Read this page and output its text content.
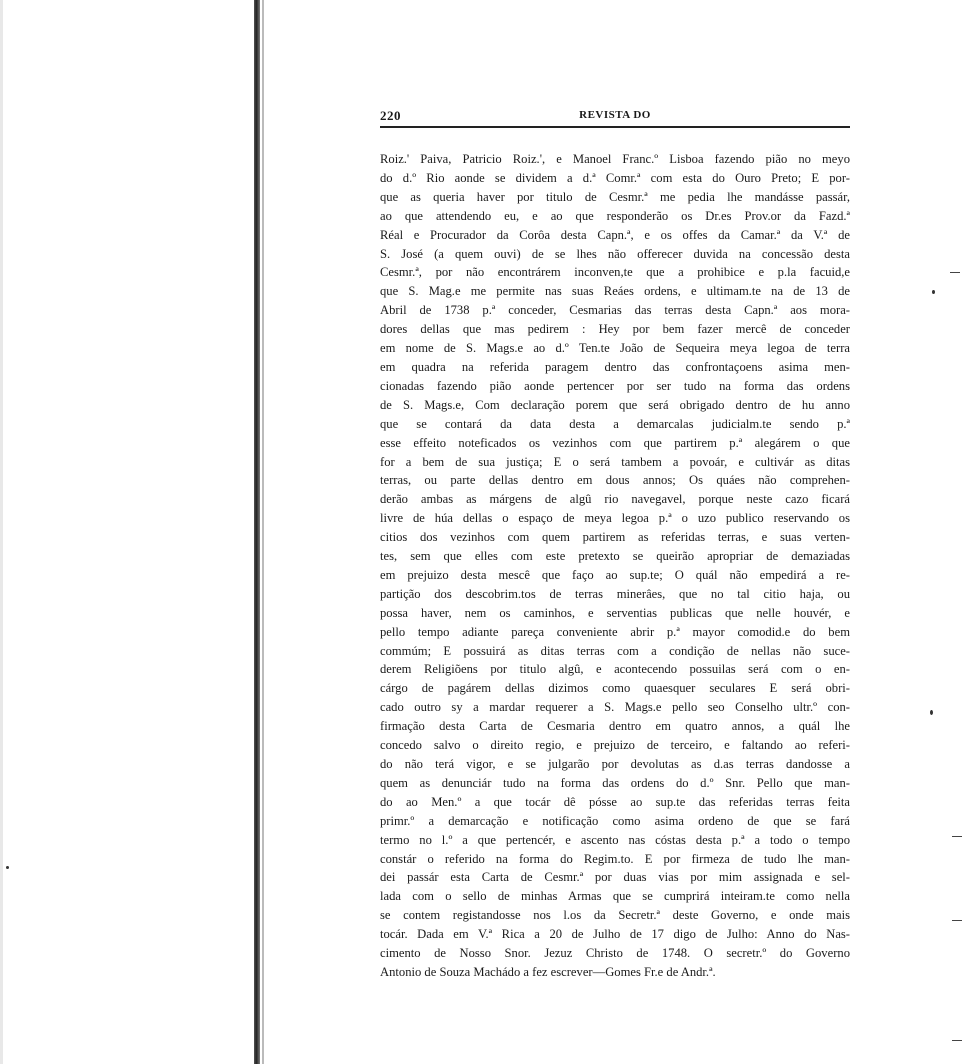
220	REVISTA DO
Roiz.' Paiva, Patricio Roiz.', e Manoel Franc.º Lisboa fazendo pião no meyo
do d.º Rio aonde se dividem a d.ª Comr.ª com esta do Ouro Preto; E por-
que as queria haver por titulo de Cesmr.ª me pedia lhe mandásse passár,
ao que attendendo eu, e ao que responderão os Dr.es Prov.or da Fazd.ª
Réal e Procurador da Corôa desta Capn.ª, e os offes da Camar.ª da V.ª de
S. José (a quem ouvi) de se lhes não offerecer duvida na concessão desta
Cesmr.ª, por não encontrárem inconven,te que a prohibice e p.la facuid,e
que S. Mag.e me permite nas suas Reáes ordens, e ultimam.te na de 13 de
Abril de 1738 p.ª conceder, Cesmarias das terras desta Capn.ª aos mora-
dores dellas que mas pedirem : Hey por bem fazer mercê de conceder
em nome de S. Mags.e ao d.º Ten.te João de Sequeira meya legoa de terra
em quadra na referida paragem dentro das confrontaçoens asima men-
cionadas fazendo pião aonde pertencer por ser tudo na forma das ordens
de S. Mags.e, Com declaração porem que será obrigado dentro de hu anno
que se contará da data desta a demarcalas judicialm.te sendo p.ª
esse effeito noteficados os vezinhos com que partirem p.ª alegárem o que
for a bem de sua justiça; E o será tambem a povoár, e cultivár as ditas
terras, ou parte dellas dentro em dous annos; Os quáes não comprehen-
derão ambas as márgens de algû rio navegavel, porque neste cazo ficará
livre de húa dellas o espaço de meya legoa p.ª o uzo publico reservando os
citios dos vezinhos com quem partirem as referidas terras, e suas verten-
tes, sem que elles com este pretexto se queirão apropriar de demaziadas
em prejuizo desta mescê que faço ao sup.te; O quál não empedirá a re-
partição dos descobrim.tos de terras minerâes, que no tal citio haja, ou
possa haver, nem os caminhos, e serventias publicas que nelle houvér, e
pello tempo adiante pareça conveniente abrir p.ª mayor comodid.e do bem
commúm; E possuirá as ditas terras com a condição de nellas não suce-
derem Religiõens por titulo algû, e acontecendo possuilas será com o en-
cárgo de pagárem dellas dizimos como quaesquer seculares E será obri-
cado outro sy a mardar requerer a S. Mags.e pello seo Conselho ultr.º con-
firmação desta Carta de Cesmaria dentro em quatro annos, a quál lhe
concedo salvo o direito regio, e prejuizo de terceiro, e faltando ao referi-
do não terá vigor, e se julgarão por devolutas as d.as terras dandosse a
quem as denunciár tudo na forma das ordens do d.º Snr. Pello que man-
do ao Men.º a que tocár dê pósse ao sup.te das referidas terras feita
primr.º a demarcação e notificação como asima ordeno de que se fará
termo no l.º a que pertencér, e ascento nas cóstas desta p.ª a todo o tempo
constár o referido na forma do Regim.to. E por firmeza de tudo lhe man-
dei passár esta Carta de Cesmr.ª por duas vias por mim assignada e sel-
lada com o sello de minhas Armas que se cumprirá inteiram.te como nella
se contem registandosse nos l.os da Secretr.ª deste Governo, e onde mais
tocár. Dada em V.ª Rica a 20 de Julho de 17 digo de Julho: Anno do Nas-
cimento de Nosso Snor. Jezuz Christo de 1748. O secretr.º do Governo
Antonio de Souza Machádo a fez escrever—Gomes Fr.e de Andr.ª.
